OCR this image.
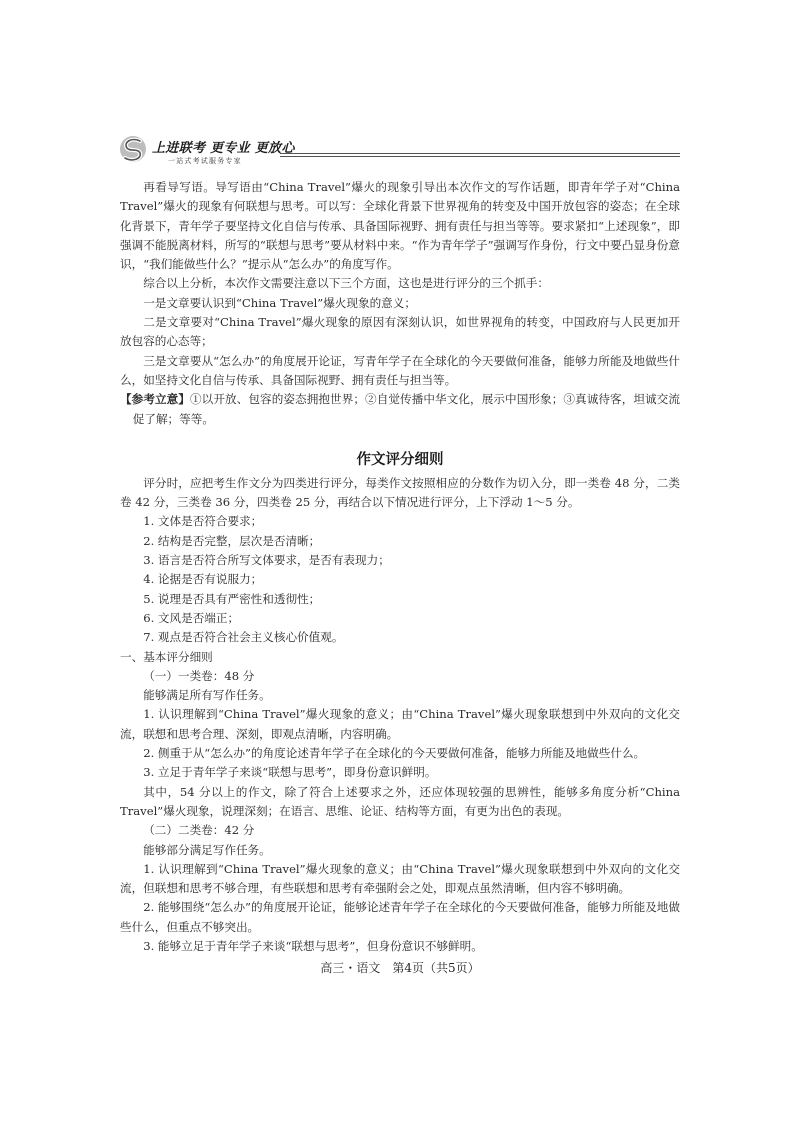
上进联考 更专业 更放心
一站式考试服务专家

再看导写语。导写语由“China Travel”爆火的现象引导出本次作文的写作话题，即青年学子对“China Travel”爆火的现象有何联想与思考。可以写：全球化背景下世界视角的转变及中国开放包容的姿态；在全球化背景下，青年学子要坚持文化自信与传承、具备国际视野、拥有责任与担当等等。要求紧扣“上述现象”，即强调不能脱离材料，所写的“联想与思考”要从材料中来。“作为青年学子”强调写作身份，行文中要凸显身份意识，“我们能做些什么？”提示从“怎么办”的角度写作。

综合以上分析，本次作文需要注意以下三个方面，这也是进行评分的三个抓手：

一是文章要认识到“China Travel”爆火现象的意义；

二是文章要对“China Travel”爆火现象的原因有深刻认识，如世界视角的转变，中国政府与人民更加开放包容的心态等；

三是文章要从“怎么办”的角度展开论证，写青年学子在全球化的今天要做何准备，能够力所能及地做些什么，如坚持文化自信与传承、具备国际视野、拥有责任与担当等。

【参考立意】①以开放、包容的姿态拥抱世界；②自觉传播中华文化，展示中国形象；③真诚待客，坦诚交流促了解；等等。

作文评分细则

评分时，应把考生作文分为四类进行评分，每类作文按照相应的分数作为切入分，即一类卷 48 分，二类卷 42 分，三类卷 36 分，四类卷 25 分，再结合以下情况进行评分，上下浮动 1～5 分。

1. 文体是否符合要求；

2. 结构是否完整，层次是否清晰；

3. 语言是否符合所写文体要求，是否有表现力；

4. 论据是否有说服力；

5. 说理是否具有严密性和透彻性；

6. 文风是否端正；

7. 观点是否符合社会主义核心价值观。

一、基本评分细则

（一）一类卷：48 分

能够满足所有写作任务。

1. 认识理解到“China Travel”爆火现象的意义；由“China Travel”爆火现象联想到中外双向的文化交流，联想和思考合理、深刻，即观点清晰，内容明确。

2. 侧重于从“怎么办”的角度论述青年学子在全球化的今天要做何准备，能够力所能及地做些什么。

3. 立足于青年学子来谈“联想与思考”，即身份意识鲜明。

其中，54 分以上的作文，除了符合上述要求之外，还应体现较强的思辨性，能够多角度分析“China Travel”爆火现象，说理深刻；在语言、思维、论证、结构等方面，有更为出色的表现。

（二）二类卷：42 分

能够部分满足写作任务。

1. 认识理解到“China Travel”爆火现象的意义；由“China Travel”爆火现象联想到中外双向的文化交流，但联想和思考不够合理，有些联想和思考有牵强附会之处，即观点虽然清晰，但内容不够明确。

2. 能够围绕“怎么办”的角度展开论证，能够论述青年学子在全球化的今天要做何准备，能够力所能及地做些什么，但重点不够突出。

3. 能够立足于青年学子来谈“联想与思考”，但身份意识不够鲜明。

高三・语文　第4页（共5页）
